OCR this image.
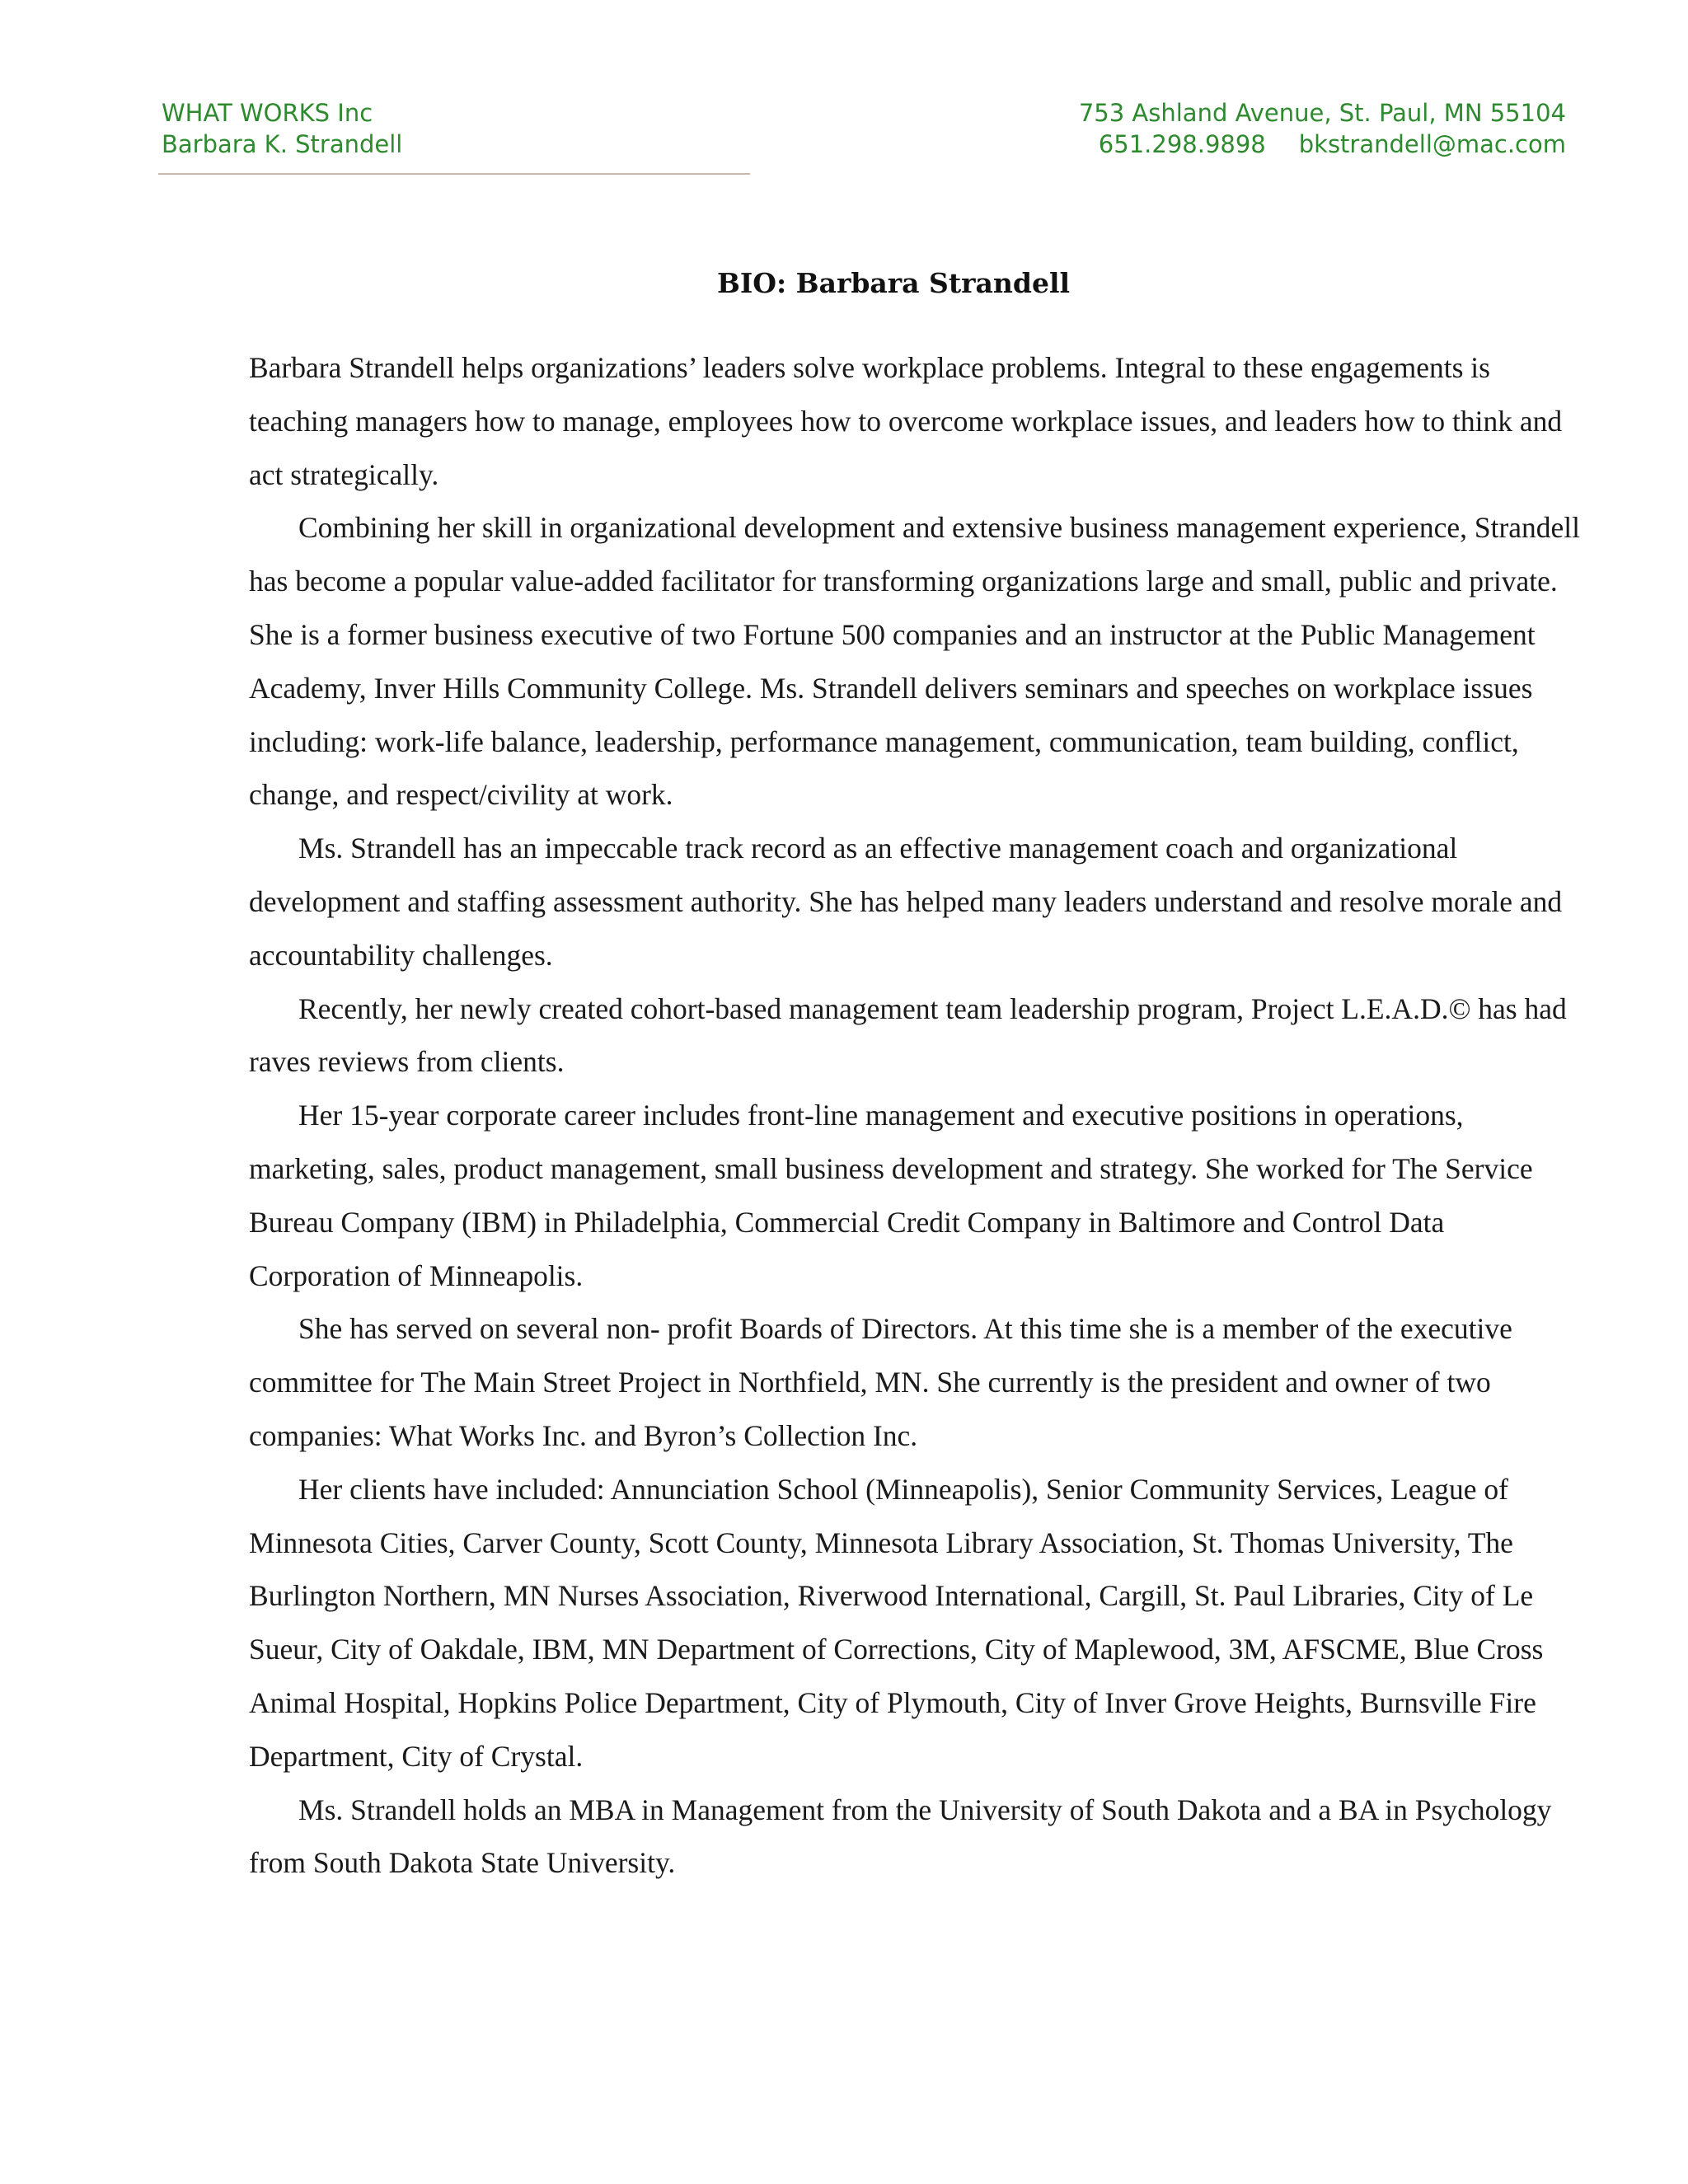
WHAT WORKS Inc
Barbara K. Strandell
753 Ashland Avenue, St. Paul, MN 55104
651.298.9898 bkstrandell@mac.com
BIO: Barbara Strandell

Barbara Strandell helps organizations’ leaders solve workplace problems. Integral to these engagements is teaching managers how to manage, employees how to overcome workplace issues, and leaders how to think and act strategically.

Combining her skill in organizational development and extensive business management experience, Strandell has become a popular value-added facilitator for transforming organizations large and small, public and private. She is a former business executive of two Fortune 500 companies and an instructor at the Public Management Academy, Inver Hills Community College. Ms. Strandell delivers seminars and speeches on workplace issues including: work-life balance, leadership, performance management, communication, team building, conflict, change, and respect/civility at work.

Ms. Strandell has an impeccable track record as an effective management coach and organizational development and staffing assessment authority. She has helped many leaders understand and resolve morale and accountability challenges.

Recently, her newly created cohort-based management team leadership program, Project L.E.A.D.© has had raves reviews from clients.

Her 15-year corporate career includes front-line management and executive positions in operations, marketing, sales, product management, small business development and strategy. She worked for The Service Bureau Company (IBM) in Philadelphia, Commercial Credit Company in Baltimore and Control Data Corporation of Minneapolis.

She has served on several non- profit Boards of Directors. At this time she is a member of the executive committee for The Main Street Project in Northfield, MN. She currently is the president and owner of two companies: What Works Inc. and Byron’s Collection Inc.

Her clients have included: Annunciation School (Minneapolis), Senior Community Services, League of Minnesota Cities, Carver County, Scott County, Minnesota Library Association, St. Thomas University, The Burlington Northern, MN Nurses Association, Riverwood International, Cargill, St. Paul Libraries, City of Le Sueur, City of Oakdale, IBM, MN Department of Corrections, City of Maplewood, 3M, AFSCME, Blue Cross Animal Hospital, Hopkins Police Department, City of Plymouth, City of Inver Grove Heights, Burnsville Fire Department, City of Crystal.

Ms. Strandell holds an MBA in Management from the University of South Dakota and a BA in Psychology from South Dakota State University.
